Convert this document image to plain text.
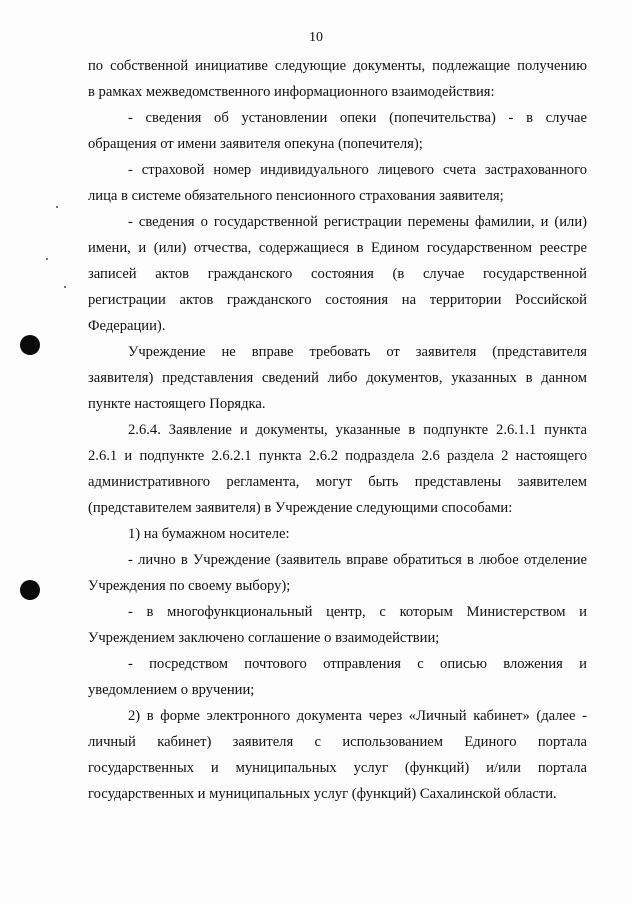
10
по собственной инициативе следующие документы, подлежащие получению
в рамках межведомственного информационного взаимодействия:
- сведения об установлении опеки (попечительства) - в случае
обращения от имени заявителя опекуна (попечителя);
- страховой номер индивидуального лицевого счета застрахованного
лица в системе обязательного пенсионного страхования заявителя;
- сведения о государственной регистрации перемены фамилии, и (или)
имени, и (или) отчества, содержащиеся в Едином государственном реестре
записей актов гражданского состояния (в случае государственной
регистрации актов гражданского состояния на территории Российской
Федерации).
Учреждение не вправе требовать от заявителя (представителя
заявителя) представления сведений либо документов, указанных в данном
пункте настоящего Порядка.
2.6.4. Заявление и документы, указанные в подпункте 2.6.1.1 пункта
2.6.1 и подпункте 2.6.2.1 пункта 2.6.2 подраздела 2.6 раздела 2 настоящего
административного регламента, могут быть представлены заявителем
(представителем заявителя) в Учреждение следующими способами:
1) на бумажном носителе:
- лично в Учреждение (заявитель вправе обратиться в любое отделение
Учреждения по своему выбору);
- в многофункциональный центр, с которым Министерством и
Учреждением заключено соглашение о взаимодействии;
- посредством почтового отправления с описью вложения и
уведомлением о вручении;
2) в форме электронного документа через «Личный кабинет» (далее -
личный кабинет) заявителя с использованием Единого портала
государственных и муниципальных услуг (функций) и/или портала
государственных и муниципальных услуг (функций) Сахалинской области.
